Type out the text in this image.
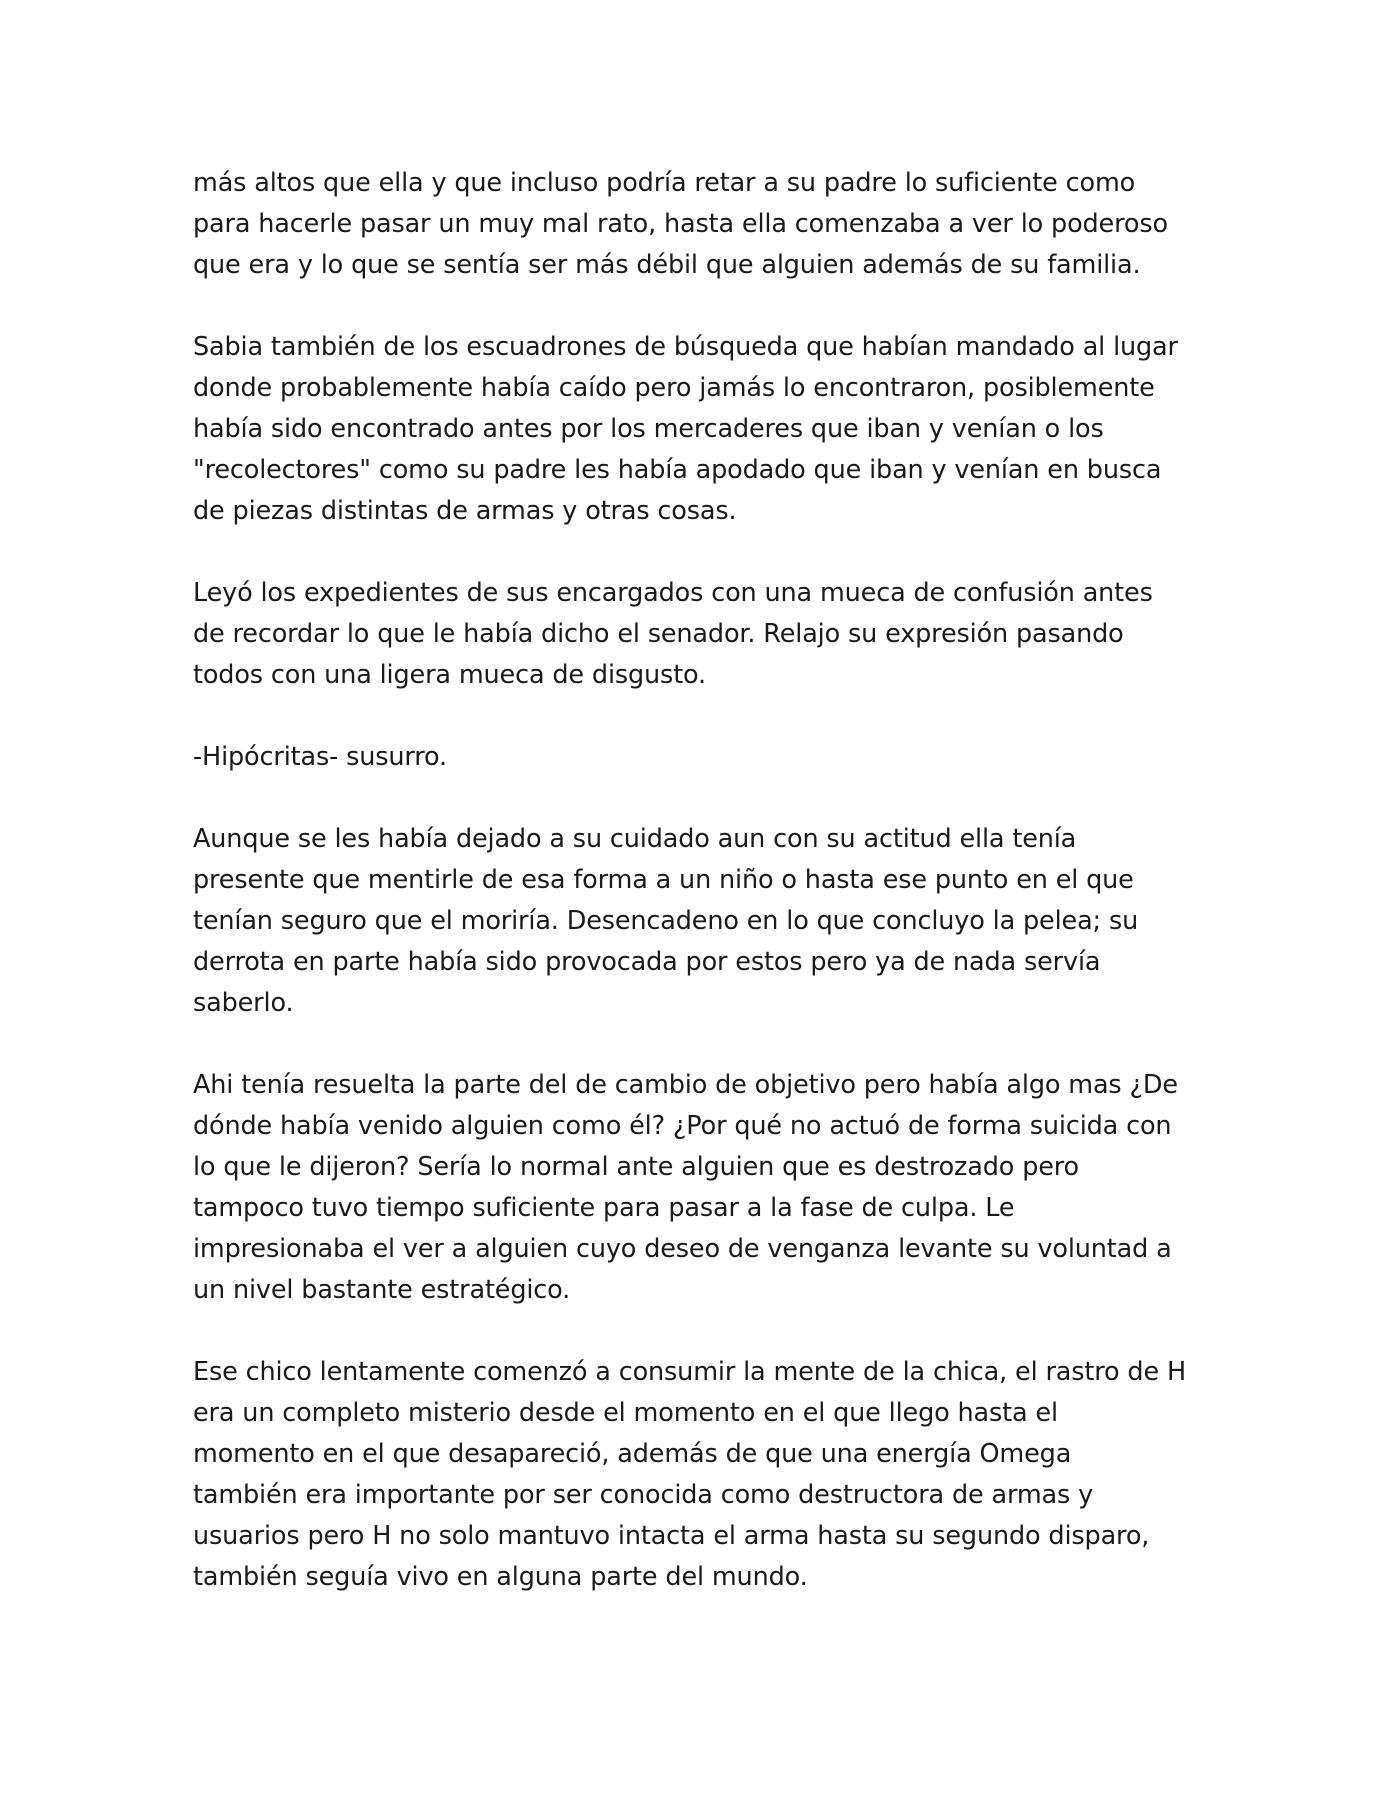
más altos que ella y que incluso podría retar a su padre lo suficiente como
para hacerle pasar un muy mal rato, hasta ella comenzaba a ver lo poderoso
que era y lo que se sentía ser más débil que alguien además de su familia.

Sabia también de los escuadrones de búsqueda que habían mandado al lugar
donde probablemente había caído pero jamás lo encontraron, posiblemente
había sido encontrado antes por los mercaderes que iban y venían o los
"recolectores" como su padre les había apodado que iban y venían en busca
de piezas distintas de armas y otras cosas.

Leyó los expedientes de sus encargados con una mueca de confusión antes
de recordar lo que le había dicho el senador. Relajo su expresión pasando
todos con una ligera mueca de disgusto.

-Hipócritas- susurro.

Aunque se les había dejado a su cuidado aun con su actitud ella tenía
presente que mentirle de esa forma a un niño o hasta ese punto en el que
tenían seguro que el moriría. Desencadeno en lo que concluyo la pelea; su
derrota en parte había sido provocada por estos pero ya de nada servía
saberlo.

Ahi tenía resuelta la parte del de cambio de objetivo pero había algo mas ¿De
dónde había venido alguien como él? ¿Por qué no actuó de forma suicida con
lo que le dijeron? Sería lo normal ante alguien que es destrozado pero
tampoco tuvo tiempo suficiente para pasar a la fase de culpa. Le
impresionaba el ver a alguien cuyo deseo de venganza levante su voluntad a
un nivel bastante estratégico.

Ese chico lentamente comenzó a consumir la mente de la chica, el rastro de H
era un completo misterio desde el momento en el que llego hasta el
momento en el que desapareció, además de que una energía Omega
también era importante por ser conocida como destructora de armas y
usuarios pero H no solo mantuvo intacta el arma hasta su segundo disparo,
también seguía vivo en alguna parte del mundo.
